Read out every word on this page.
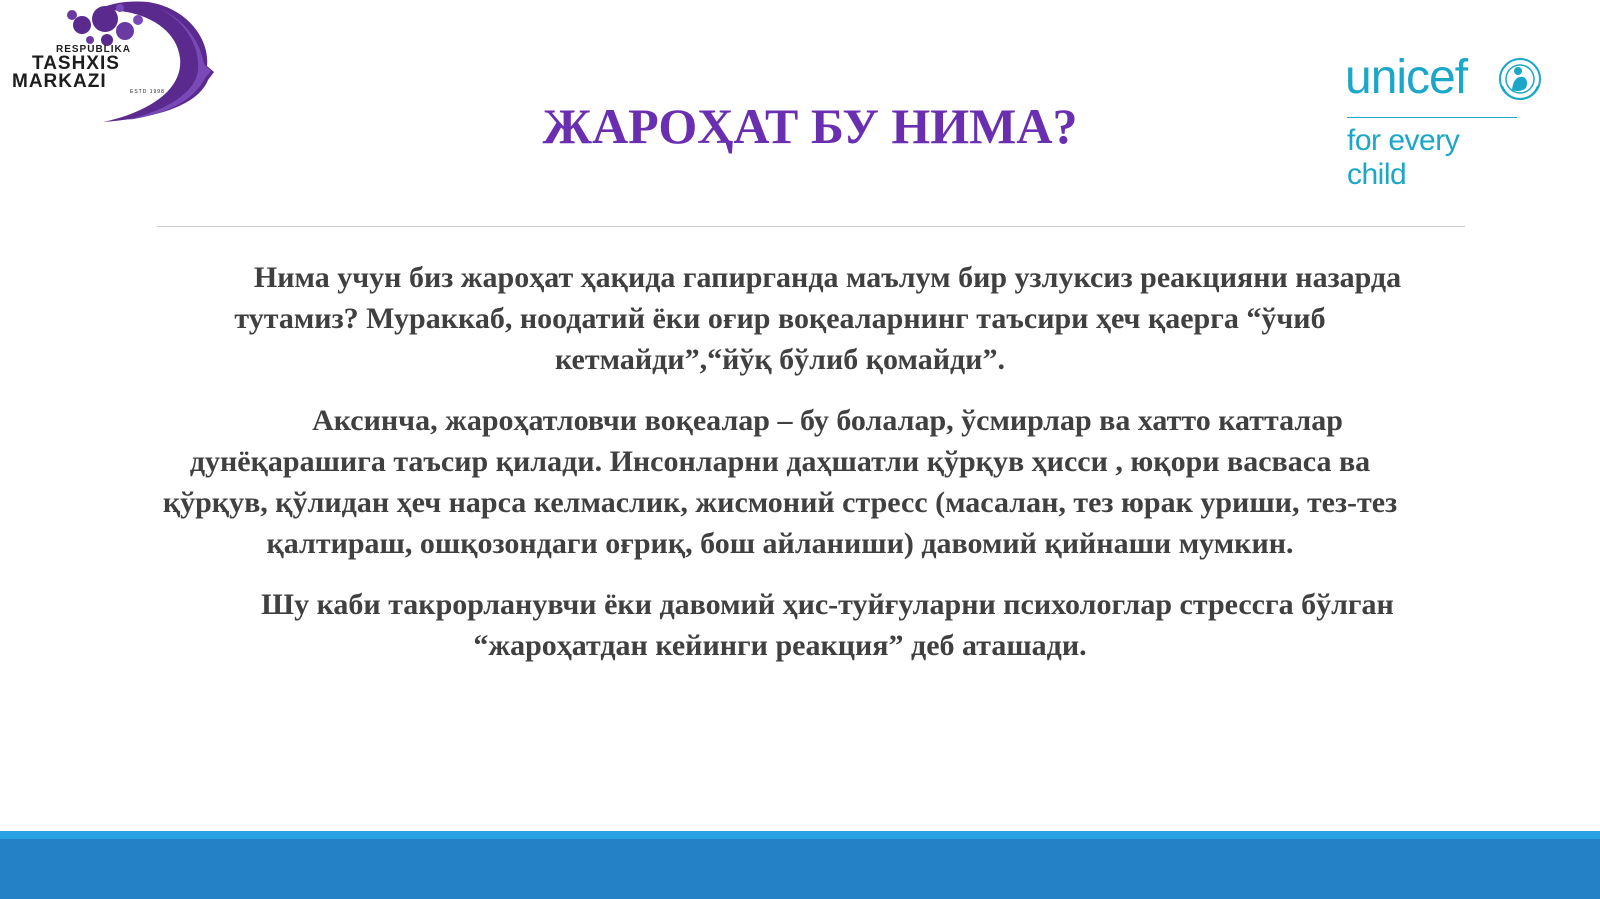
RESPUBLIKA
TASHXIS
MARKAZI	ESTD 1998	unicef
for every child
ЖАРОҲАТ БУ НИМА?

Нима учун биз жароҳат ҳақида гапирганда маълум бир узлуксиз реакцияни назарда тутамиз? Мураккаб, ноодатий ёки оғир воқеаларнинг таъсири ҳеч қаерга “ўчиб кетмайди”,“йўқ бўлиб қомайди”.

Аксинча, жароҳатловчи воқеалар – бу болалар, ўсмирлар ва хатто катталар дунёқарашига таъсир қилади. Инсонларни даҳшатли қўрқув ҳисси , юқори васваса ва қўрқув, қўлидан ҳеч нарса келмаслик, жисмоний стресс (масалан, тез юрак уриши, тез-тез қалтираш, ошқозондаги оғриқ, бош айланиши) давомий қийнаши мумкин.

Шу каби такрорланувчи ёки давомий ҳис-туйғуларни психологлар стрессга бўлган “жароҳатдан кейинги реакция” деб аташади.
